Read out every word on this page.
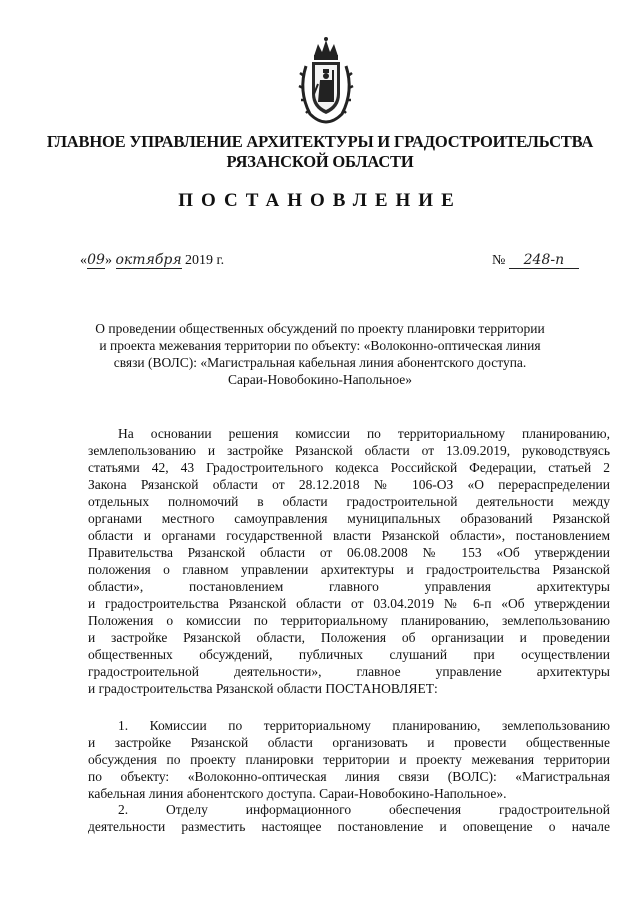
ГЛАВНОЕ УПРАВЛЕНИЕ АРХИТЕКТУРЫ И ГРАДОСТРОИТЕЛЬСТВА
РЯЗАНСКОЙ ОБЛАСТИ
ПОСТАНОВЛЕНИЕ
«09» октября 2019 г.	№ 248-п
О проведении общественных обсуждений по проекту планировки территории
и проекта межевания территории по объекту: «Волоконно-оптическая линия
связи (ВОЛС): «Магистральная кабельная линия абонентского доступа.
Сараи-Новобокино-Напольное»
На основании решения комиссии по территориальному планированию,
землепользованию и застройке Рязанской области от 13.09.2019, руководствуясь
статьями 42, 43 Градостроительного кодекса Российской Федерации, статьей 2
Закона Рязанской области от 28.12.2018 № 106-ОЗ «О перераспределении
отдельных полномочий в области градостроительной деятельности между
органами местного самоуправления муниципальных образований Рязанской
области и органами государственной власти Рязанской области», постановлением
Правительства Рязанской области от 06.08.2008 № 153 «Об утверждении
положения о главном управлении архитектуры и градостроительства Рязанской
области», постановлением главного управления архитектуры
и градостроительства Рязанской области от 03.04.2019 № 6-п «Об утверждении
Положения о комиссии по территориальному планированию, землепользованию
и застройке Рязанской области, Положения об организации и проведении
общественных обсуждений, публичных слушаний при осуществлении
градостроительной деятельности», главное управление архитектуры
и градостроительства Рязанской области ПОСТАНОВЛЯЕТ:
1. Комиссии по территориальному планированию, землепользованию
и застройке Рязанской области организовать и провести общественные
обсуждения по проекту планировки территории и проекту межевания территории
по объекту: «Волоконно-оптическая линия связи (ВОЛС): «Магистральная
кабельная линия абонентского доступа. Сараи-Новобокино-Напольное».
2. Отделу информационного обеспечения градостроительной
деятельности разместить настоящее постановление и оповещение о начале
